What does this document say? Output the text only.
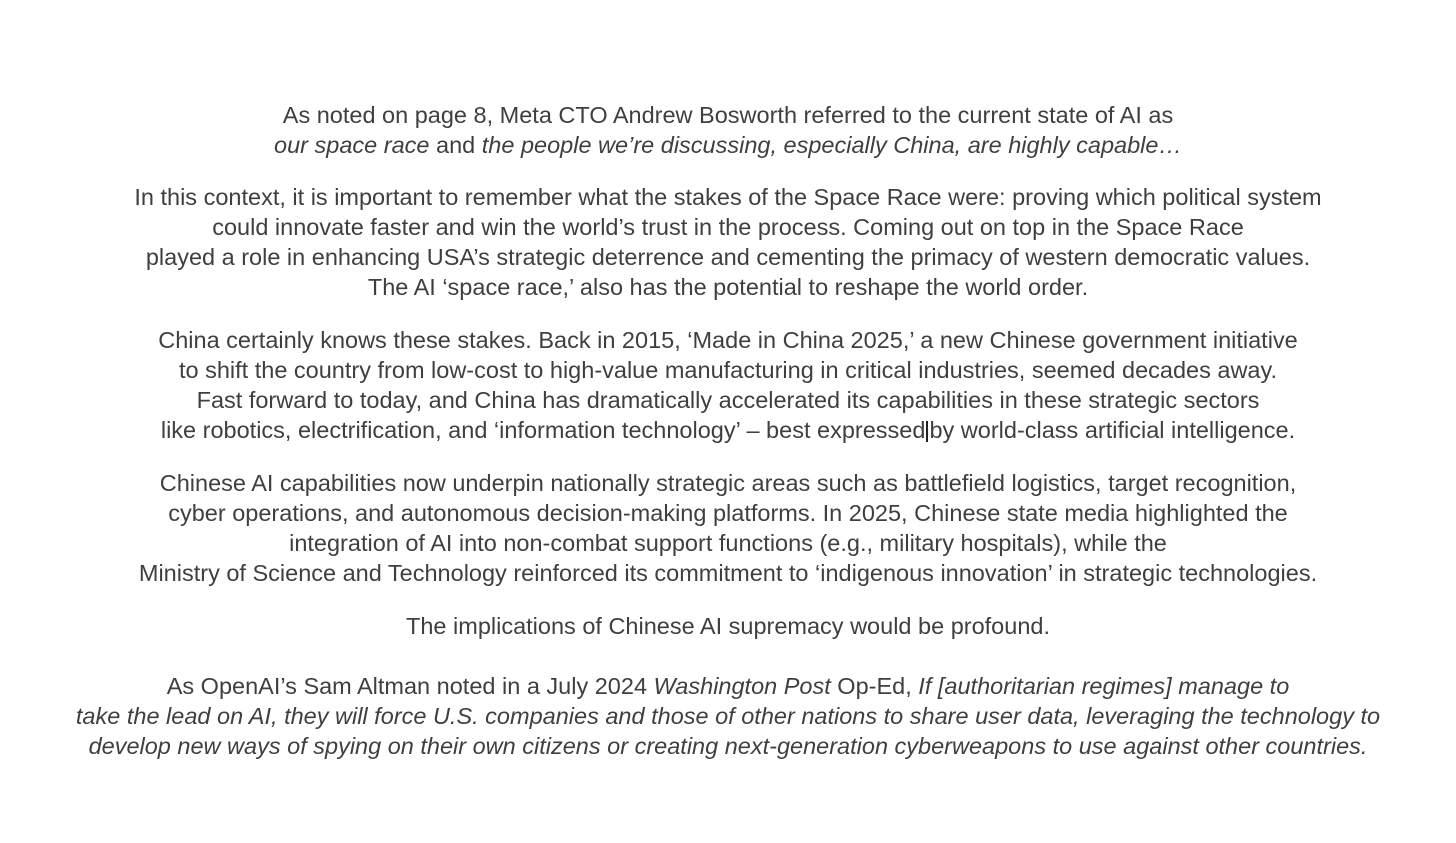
As noted on page 8, Meta CTO Andrew Bosworth referred to the current state of AI as
our space race and the people we’re discussing, especially China, are highly capable…
In this context, it is important to remember what the stakes of the Space Race were: proving which political system
could innovate faster and win the world’s trust in the process. Coming out on top in the Space Race
played a role in enhancing USA’s strategic deterrence and cementing the primacy of western democratic values.
The AI ‘space race,’ also has the potential to reshape the world order.
China certainly knows these stakes. Back in 2015, ‘Made in China 2025,’ a new Chinese government initiative
to shift the country from low-cost to high-value manufacturing in critical industries, seemed decades away.
Fast forward to today, and China has dramatically accelerated its capabilities in these strategic sectors
like robotics, electrification, and ‘information technology’ – best expressed by world-class artificial intelligence.
Chinese AI capabilities now underpin nationally strategic areas such as battlefield logistics, target recognition,
cyber operations, and autonomous decision-making platforms. In 2025, Chinese state media highlighted the
integration of AI into non-combat support functions (e.g., military hospitals), while the
Ministry of Science and Technology reinforced its commitment to ‘indigenous innovation’ in strategic technologies.
The implications of Chinese AI supremacy would be profound.
As OpenAI’s Sam Altman noted in a July 2024 Washington Post Op-Ed, If [authoritarian regimes] manage to
take the lead on AI, they will force U.S. companies and those of other nations to share user data, leveraging the technology to
develop new ways of spying on their own citizens or creating next-generation cyberweapons to use against other countries.
